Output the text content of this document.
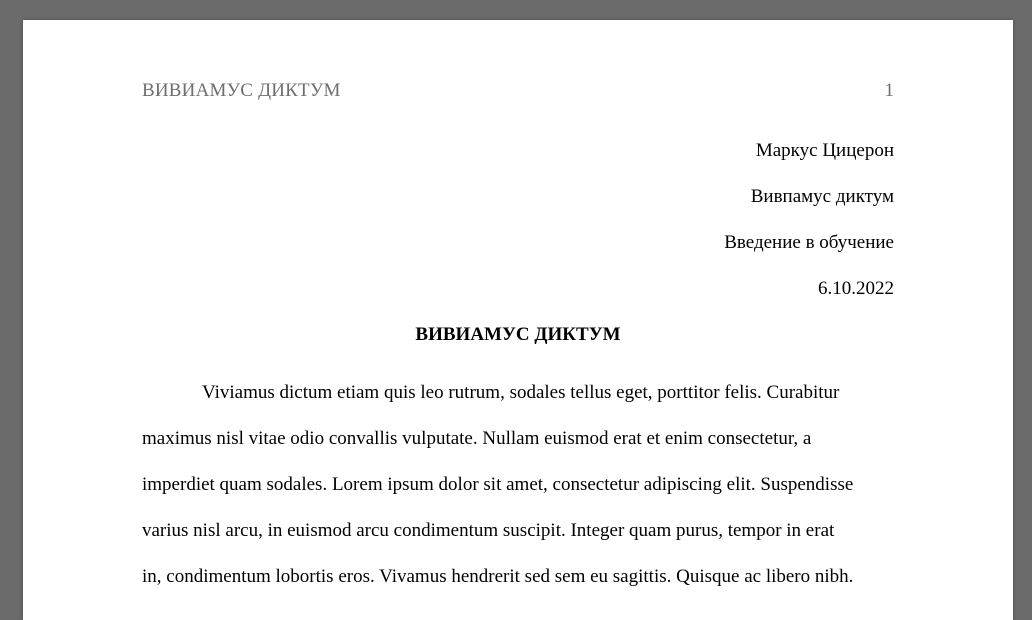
ВИВИАМУС ДИКТУМ	1
Маркус Цицерон
Вивпамус диктум
Введение в обучение
6.10.2022
ВИВИАМУС ДИКТУМ
Viviamus dictum etiam quis leo rutrum, sodales tellus eget, porttitor felis. Curabitur
maximus nisl vitae odio convallis vulputate. Nullam euismod erat et enim consectetur, a
imperdiet quam sodales. Lorem ipsum dolor sit amet, consectetur adipiscing elit. Suspendisse
varius nisl arcu, in euismod arcu condimentum suscipit. Integer quam purus, tempor in erat
in, condimentum lobortis eros. Vivamus hendrerit sed sem eu sagittis. Quisque ac libero nibh.
